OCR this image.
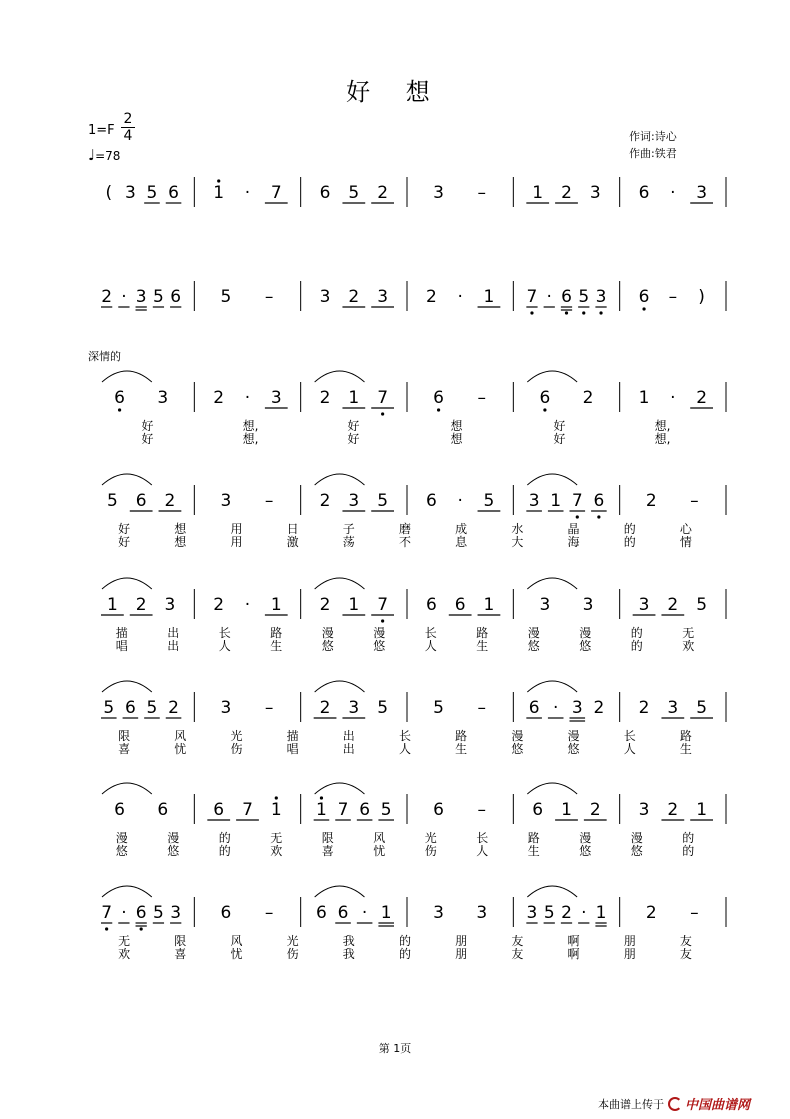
好 想
1=F
2
4
♩=78
作词:诗心
作曲:铁君
深情的
( 3 5 6 1 · 7 6 5 2	3 –	1 2 3 6 · 3
2 · 3 5 6 5 –	3 2 3 2 · 1 7 · 6 5 3 6 – )
6 3	2 · 3 2 1 7	6 –	6 2	1 · 2
5 6 2	3 –	2 3 5 6 · 5 3 1 7 6 2 –
1 2 3 2 · 1 2 1 7 6 6 1	3 3	3 2 5
5 6 5 2 3 –	2 3 5	5 –	6 · 3 2 2 3 5
6 6	6 7 1 1 7 6 5 6 –	6 1 2 3 2 1
7 · 6 5 3 6 –	6 6 · 1 3 3 3 5 2 · 1 2 –
好	想,	好	想	好	想,
好	想,	好	想	好	想,
好	想	用	日	子	磨	成	水	晶	的	心
好	想	用	激	荡	不	息	大	海	的	情
描	出	长	路	漫	漫	长	路	漫	漫	的	无
唱	出	人	生	悠	悠	人	生	悠	悠	的	欢
限	风	光	描	出	长	路	漫	漫	长	路
喜	忧	伤	唱	出	人	生	悠	悠	人	生
漫	漫	的	无	限	风	光	长	路	漫	漫	的
悠	悠	的	欢	喜	忧	伤	人	生	悠	悠	的
无	限	风	光	我	的	朋	友	啊	朋	友
欢	喜	忧	伤	我	的	朋	友	啊	朋	友
第 1页
本曲谱上传于 中国曲谱网
